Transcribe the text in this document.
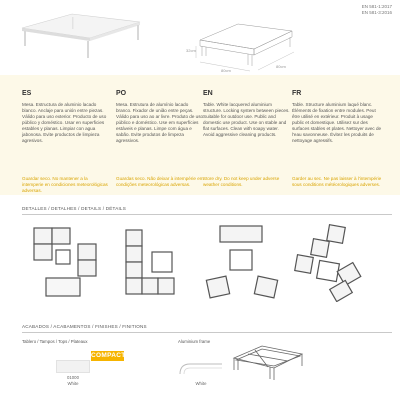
EN 581-1:2017
EN 581-3:2016
32cm
80cm
80cm
ES
Mesa. Estructura de aluminio lacado blanco. Anclaje para unión entre piezas. Válido para uso exterior. Producto de uso público y doméstico. Usar en superficies estables y planas. Limpiar con agua jabonosa. Evite productos de limpieza agresivos.
Guardar seco. No mantener a la intemperie en condiciones meteorológicas adversas.
PO
Mesa. Estrutura de alumínio lacado branco. Fixador de união entre peças. Válido para uso ao ar livre. Produto de uso público e doméstico. Use em superfícies estáveis e planas. Limpe com água e sabão. Evite produtos de limpeza agressivos.
Guardas seco. Não deixar à intempérie em condições meteorológicas adversas.
EN
Table. White lacquered aluminium structure. Locking system between pieces. Suitable for outdoor use. Public and domestic use product. Use on stable and flat surfaces. Clean with soapy water. Avoid aggressive cleaning products.
Store dry. Do not keep under adverse weather conditions.
FR
Table. Structure aluminium laqué blanc. Éléments de fixation entre modules. Peut être utilisé en extérieur. Produit à usage public et domestique. Utilisez sur des surfaces stables et plates. Nettoyer avec de l'eau savonneuse. Évitez les produits de nettoyage agressifs.
Garder au sec. Ne pas laisser à l'intempérie sous conditions météorologiques adverses.
DETALLES / DETALHES / DETAILS / DÉTAILS
ACABADOS / ACABAMENTOS / FINISHES / FINITIONS
Tablero / Tampos / Tops / Plateaux
COMPACT
01000
White
Aluminium frame
White
